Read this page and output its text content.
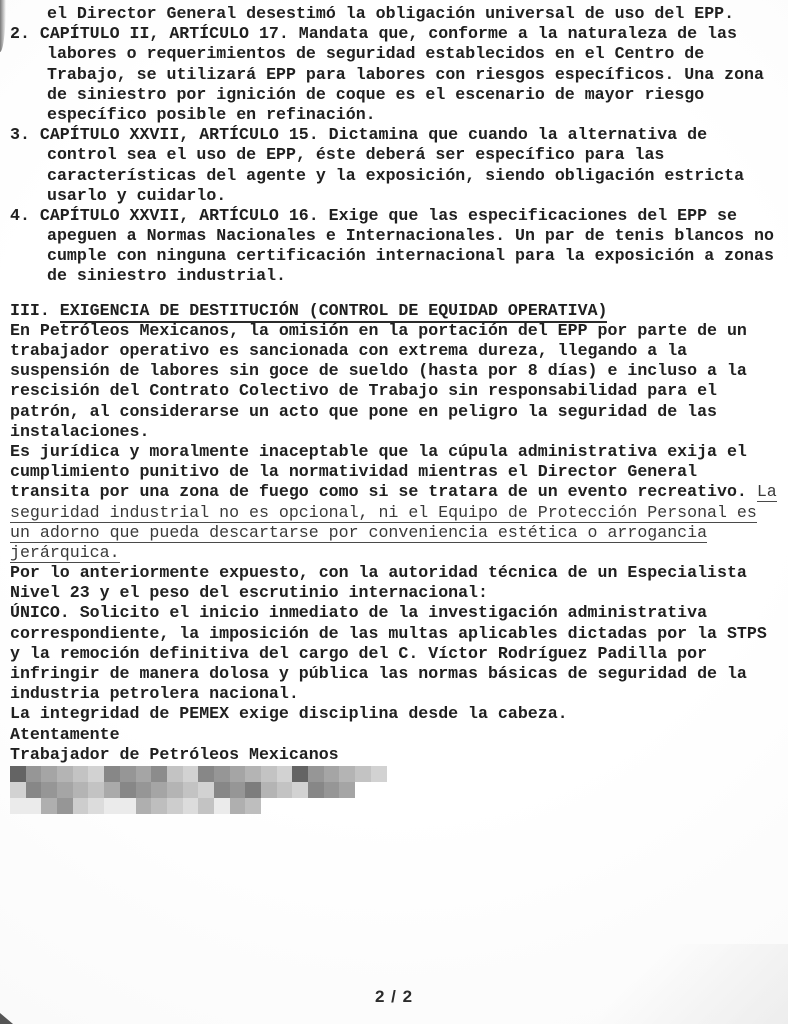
el Director General desestimó la obligación universal de uso del EPP.
2. CAPÍTULO II, ARTÍCULO 17. Mandata que, conforme a la naturaleza de las
labores o requerimientos de seguridad establecidos en el Centro de
Trabajo, se utilizará EPP para labores con riesgos específicos. Una zona
de siniestro por ignición de coque es el escenario de mayor riesgo
específico posible en refinación.
3. CAPÍTULO XXVII, ARTÍCULO 15. Dictamina que cuando la alternativa de
control sea el uso de EPP, éste deberá ser específico para las
características del agente y la exposición, siendo obligación estricta
usarlo y cuidarlo.
4. CAPÍTULO XXVII, ARTÍCULO 16. Exige que las especificaciones del EPP se
apeguen a Normas Nacionales e Internacionales. Un par de tenis blancos no
cumple con ninguna certificación internacional para la exposición a zonas
de siniestro industrial.
III. EXIGENCIA DE DESTITUCIÓN (CONTROL DE EQUIDAD OPERATIVA)
En Petróleos Mexicanos, la omisión en la portación del EPP por parte de un
trabajador operativo es sancionada con extrema dureza, llegando a la
suspensión de labores sin goce de sueldo (hasta por 8 días) e incluso a la
rescisión del Contrato Colectivo de Trabajo sin responsabilidad para el
patrón, al considerarse un acto que pone en peligro la seguridad de las
instalaciones.
Es jurídica y moralmente inaceptable que la cúpula administrativa exija el
cumplimiento punitivo de la normatividad mientras el Director General
transita por una zona de fuego como si se tratara de un evento recreativo. La
seguridad industrial no es opcional, ni el Equipo de Protección Personal es
un adorno que pueda descartarse por conveniencia estética o arrogancia
jerárquica.
Por lo anteriormente expuesto, con la autoridad técnica de un Especialista
Nivel 23 y el peso del escrutinio internacional:
ÚNICO. Solicito el inicio inmediato de la investigación administrativa
correspondiente, la imposición de las multas aplicables dictadas por la STPS
y la remoción definitiva del cargo del C. Víctor Rodríguez Padilla por
infringir de manera dolosa y pública las normas básicas de seguridad de la
industria petrolera nacional.
La integridad de PEMEX exige disciplina desde la cabeza.
Atentamente
Trabajador de Petróleos Mexicanos
2 / 2
